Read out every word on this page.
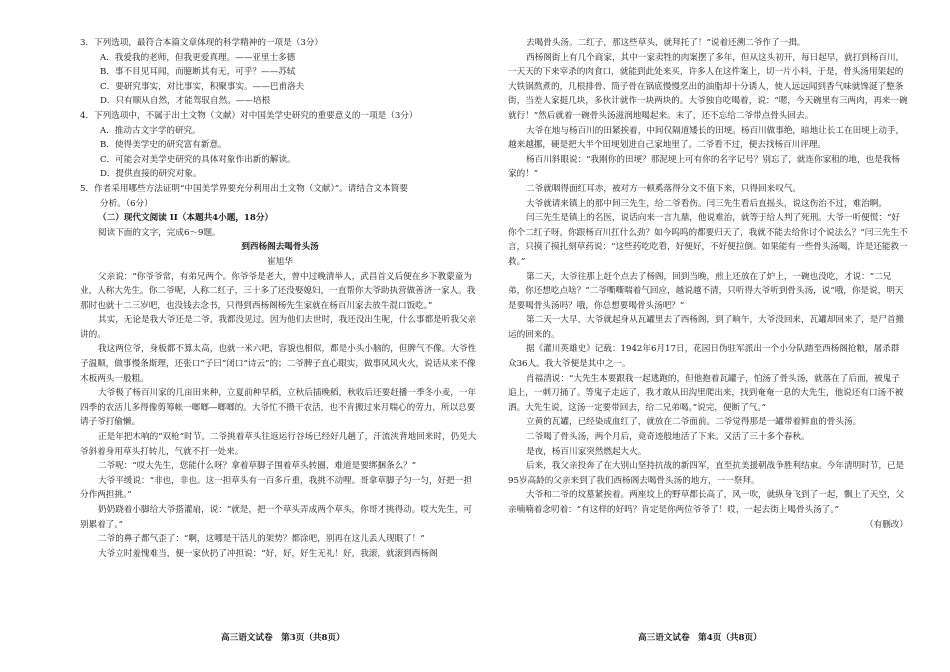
3．下列选项，最符合本篇文章体现的科学精神的一项是（3分）
A．我爱我的老师，但我更爱真理。——亚里士多德
B．事不目见耳闻，而臆断其有无，可乎？——苏轼
C．要研究事实，对比事实，积聚事实。——巴甫洛夫
D．只有顺从自然，才能驾驭自然。——培根
4．下列选项中，不属于出土文物（文献）对中国美学史研究的重要意义的一项是（3分）
A．推动古文字学的研究。
B．使得美学史的研究富有新意。
C．可能会对美学史研究的具体对象作出新的解读。
D．提供直接的研究对象。
5．作者采用哪些方法证明“中国美学界要充分利用出土文物（文献）”。请结合文本简要
分析。（6分）
（二）现代文阅读 II（本题共4小题，18分）
阅读下面的文字，完成6～9题。
到西杨阁去喝骨头汤
崔旭华
父亲说：“你爷爷常，有弟兄两个。你爷爷是老大，曾中过晚清举人，武昌首义后便在乡下教蒙童为业，人称大先生。你二爷呢，人称二红子，三十多了还没娶媳妇，一直帮你大爷助执营做善济一家人。我那时也就十二三岁吧，也没钱去念书，只得到西杨阁杨先生家就在杨百川家去放牛混口饭吃。”
其实，无论是我大爷还是二爷，我都没见过。因为他们去世时，我还没出生呢，什么事都是听我父亲讲的。
我这两位爷，身板都不算太高，也就一米六吧，容貌也相似，都是小头小脑的，但脾气不像。大爷性子温顺，做事慢条斯理，还张口“子曰”闭口“诗云”的；二爷脾子直心眼实，做事风风火火，说话从来不像木板两头一般粗。
大爷极了杨百川家的几亩田来种，立夏前种早稻，立秋后插晚稻，秋收后还要赶播一季冬小麦，一年四季的农活儿多得像剪筹帐一啷啷—啷啷的。大爷忙不攒干农活，也不肯搬过来月喘心的劳力，所以总要请子爷打偷懒。
正是年把木响的“双枪”时节。二爷挑着草头往返运行谷场已经好几趟了，汗流浃背地回来时，仍见大爷斜着身用草头打转儿，气就不打一处来。
二爷呢：“哎大先生，您能什么呀？拿着草脚子围着草头转圈，难道是要绑捆条么？”
大爷平缓说：“非也，非也。这一担草头有一百多斤重，我挑不动哩。哥拿草脚子匀一匀，好把一担分作两担挑。”
奶奶跷着小脚给大爷搭灌扇，说：“就是，把一个草头弄成两个草头，你哥才挑得动。哎大先生，可别累着了。”
二爷的鼻子都气歪了：“啊，这哪是干活儿的架势？都涂吧，别再在这儿丢人现眼了！”
大爷立时羞愧难当，便一家伙扔了冲担说：“好，好，好生无礼！好，我滚，就滚到西杨阁
去喝骨头汤。二红子，那这些草头，就拜托了！”说着还溯二爷作了一揖。
西杨阁街上有几个商家，其中一家卖牲的肉案摆了多年，但从这头初开，每日起早，就打到杨百川，一天天的下来宰杀的肉食口，就能到此处来买，许多人在这件案上，切一片小料，于是，骨头汤用架起的大铁锅熬煮的，几根排骨、筒子骨在锅底慢慢烹出的油脂却十分诱人，使人远远闻到香气味就馋涎了整条街，当差人家挺几块，多伙计就作一块两块的。大爷独自吃喝着，说：“嗯，今天碗里有三两肉，再来一碗就行！”然后就着一碗骨头汤滋润地喝起来。末了，还不忘给二爷带点骨头回去。
大爷在地与杨百川的田紧挨着，中间仅隔道矮长的田埂。杨百川做事绝，暗地让长工在田埂上动手，越来越挪，硬是把大半个田埂划进自己家地里了。二爷看不过，便去找杨百川评理。
杨百川斜眼说：“我刚你的田埂？那泥埂上可有你的名字记号？别忘了，就连你家租的地，也是我杨家的！”
二爷就咽得面红耳赤，被对方一顿奚落得分文不值下来，只得回来叹气。
大爷就请来镇上的那中间三先生，给二爷看伤。闫三先生看后直摇头，说这伤治不过，难治啊。
闫三先生是镇上的名医，说话向来一言九鼎，他说难治，就等于给人判了死刑。大爷一听便慌：“好你个二红子呀，你跟杨百川扛什么劲？如今呜呜的都要归天了，我就不能去给你讨个说法么？”闫三先生不言，只摸了摸扎刻草药说：“这些药吃吃看，好便好，不好便拉倒。如果能有一些骨头汤喝，许是还能救一救。”
第二天，大爷往那上赶个点去了杨阁，回到当晚，煎上还放在了炉上，一碗也没吃，才说：“二兄弟，你还想吃点啥？”二爷嘶嘶喘着气回应，越说越不清，只听得大爷听到骨头汤，说“哦，你是说，明天是要喝骨头汤吗？哦，你总想要喝骨头汤吧？”
第二天一大早，大爷就起身从瓦罐里去了西杨阁，到了晌午，大爷没回来，瓦罐却回来了，是尸首搬运的回来的。
据《灌川英雄史》记载：1942年6月17日，花园日伪驻军派出一个小分队踏至西杨阁抢粮，屠杀群众36人。我大爷便是其中之一。
肖福清说：“大先生本要跟我一起逃跑的，但他抱着瓦罐子，怕汤了骨头汤，就落在了后面，被鬼子追上，一刺刀捅了。等鬼子走远了，我才敢从田沟里爬出来，找到奄奄一息的大先生，他说还有口汤不被洒。大先生说，这汤一定要带回去，给二兄弟喝。”说完，便断了气。”
立黄的瓦罐，已经染成血红了，就放在二爷面前。二爷觉得那是一罐带着鲜血的骨头汤。
二爷喝了骨头汤，两个月后，竟奇迹般地活了下来。又活了三十多个春秋。
是夜，杨百川家突然燃起大火。
后来，我父亲投奔了在大别山坚持抗战的新四军，直至抗美援朝战争胜利结束。今年清明时节，已是95岁高龄的父亲来到了我们西杨阁去喝骨头汤的地方，一一祭拜。
大爷和二爷的坟墓紧挨着。两座坟上的野草都长高了，风一吹，就纵身飞到了一起，飘上了天空，父亲喃喃着念叨着：“有这样的好吗？肯定是你两位爷爷了！哎，一起去街上喝骨头汤了。”
（有删改）
高三语文试卷　第3页（共8页）	高三语文试卷　第4页（共8页）
